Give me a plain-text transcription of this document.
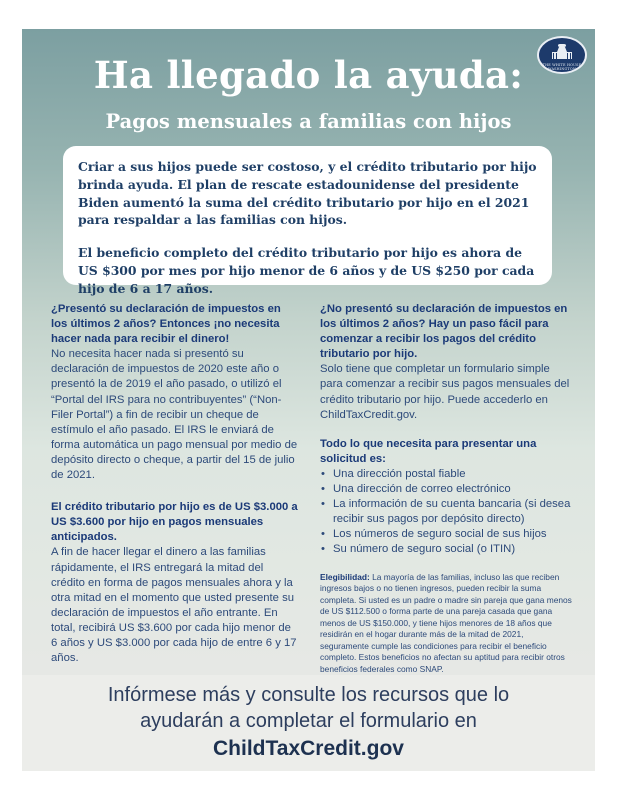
THE WHITE HOUSE
WASHINGTON
Ha llegado la ayuda:
Pagos mensuales a familias con hijos

Criar a sus hijos puede ser costoso, y el crédito tributario por hijo brinda ayuda. El plan de rescate estadounidense del presidente Biden aumentó la suma del crédito tributario por hijo en el 2021 para respaldar a las familias con hijos.

El beneficio completo del crédito tributario por hijo es ahora de US $300 por mes por hijo menor de 6 años y de US $250 por cada hijo de 6 a 17 años.

¿Presentó su declaración de impuestos en los últimos 2 años? Entonces ¡no necesita hacer nada para recibir el dinero!

No necesita hacer nada si presentó su declaración de impuestos de 2020 este año o presentó la de 2019 el año pasado, o utilizó el “Portal del IRS para no contribuyentes” (“Non-Filer Portal”) a fin de recibir un cheque de estímulo el año pasado. El IRS le enviará de forma automática un pago mensual por medio de depósito directo o cheque, a partir del 15 de julio de 2021.

El crédito tributario por hijo es de US $3.000 a US $3.600 por hijo en pagos mensuales anticipados.

A fin de hacer llegar el dinero a las familias rápidamente, el IRS entregará la mitad del crédito en forma de pagos mensuales ahora y la otra mitad en el momento que usted presente su declaración de impuestos el año entrante. En total, recibirá US $3.600 por cada hijo menor de 6 años y US $3.000 por cada hijo de entre 6 y 17 años.

¿No presentó su declaración de impuestos en los últimos 2 años? Hay un paso fácil para comenzar a recibir los pagos del crédito tributario por hijo.

Solo tiene que completar un formulario simple para comenzar a recibir sus pagos mensuales del crédito tributario por hijo. Puede accederlo en ChildTaxCredit.gov.

Todo lo que necesita para presentar una solicitud es:

• Una dirección postal fiable
• Una dirección de correo electrónico
• La información de su cuenta bancaria (si desea recibir sus pagos por depósito directo)
• Los números de seguro social de sus hijos
• Su número de seguro social (o ITIN)

Elegibilidad: La mayoría de las familias, incluso las que reciben ingresos bajos o no tienen ingresos, pueden recibir la suma completa. Si usted es un padre o madre sin pareja que gana menos de US $112.500 o forma parte de una pareja casada que gana menos de US $150.000, y tiene hijos menores de 18 años que residirán en el hogar durante más de la mitad de 2021, seguramente cumple las condiciones para recibir el beneficio completo. Estos beneficios no afectan su aptitud para recibir otros beneficios federales como SNAP.

Infórmese más y consulte los recursos que lo
ayudarán a completar el formulario en
ChildTaxCredit.gov
